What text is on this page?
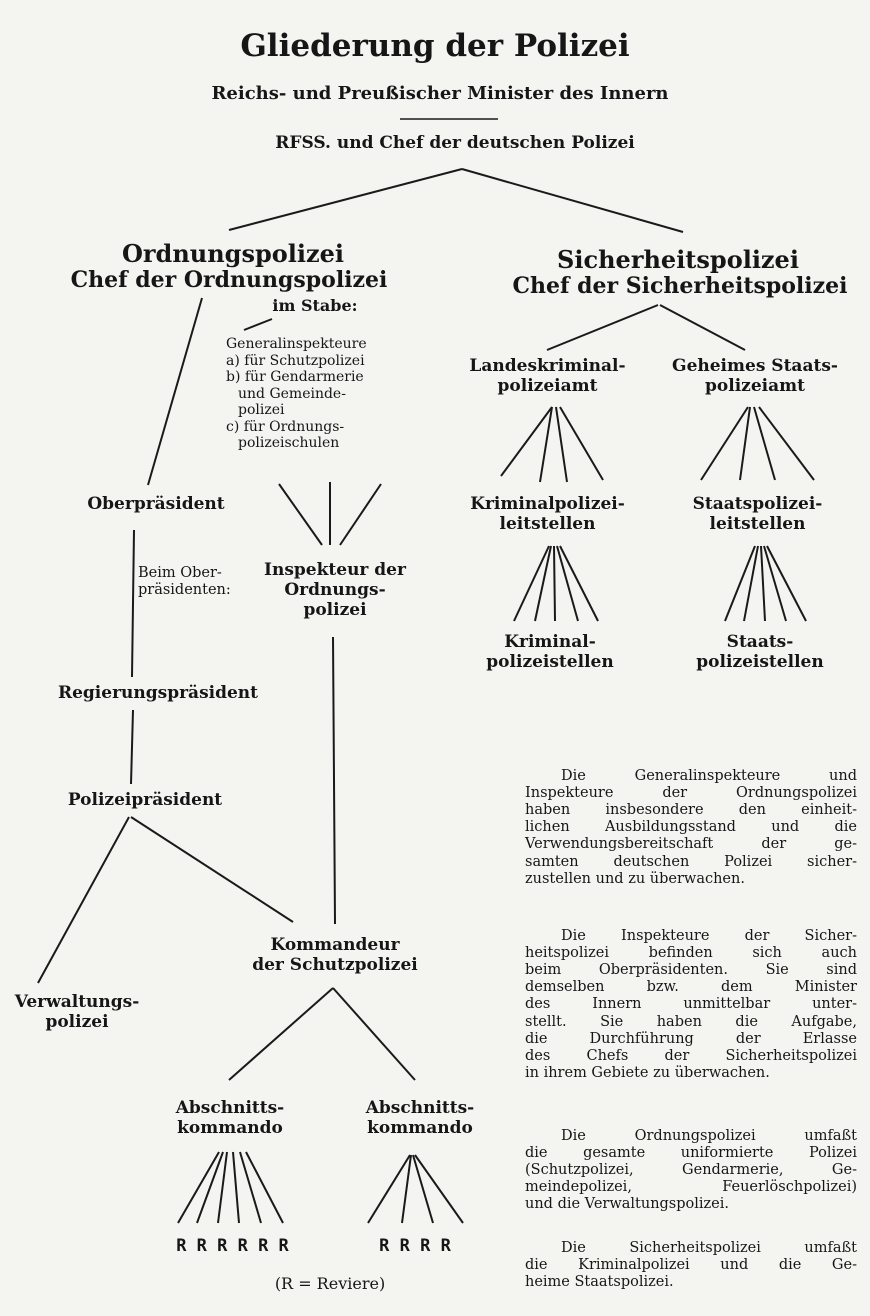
Gliederung der Polizei
Reichs- und Preußischer Minister des Innern
RFSS. und Chef der deutschen Polizei
Ordnungspolizei
Chef der Ordnungspolizei
im Stabe:
Generalinspekteure
a) für Schutzpolizei
b) für Gendarmerie
und Gemeinde-
polizei
c) für Ordnungs-
polizeischulen
Oberpräsident
Beim Ober-
präsidenten:
Inspekteur der
Ordnungs-
polizei
Regierungspräsident
Polizeipräsident
Verwaltungs-
polizei
Kommandeur
der Schutzpolizei
Abschnitts-
kommando
Abschnitts-
kommando
R R R R R R	R R R R
(R = Reviere)
Sicherheitspolizei
Chef der Sicherheitspolizei
Landeskriminal-
polizeiamt
Geheimes Staats-
polizeiamt
Kriminalpolizei-
leitstellen
Staatspolizei-
leitstellen
Kriminal-
polizeistellen
Staats-
polizeistellen
Die Generalinspekteure und
Inspekteure der Ordnungspolizei
haben insbesondere den einheit-
lichen Ausbildungsstand und die
Verwendungsbereitschaft der ge-
samten deutschen Polizei sicher-
zustellen und zu überwachen.
Die Inspekteure der Sicher-
heitspolizei befinden sich auch
beim Oberpräsidenten. Sie sind
demselben bzw. dem Minister
des Innern unmittelbar unter-
stellt. Sie haben die Aufgabe,
die Durchführung der Erlasse
des Chefs der Sicherheitspolizei
in ihrem Gebiete zu überwachen.
Die Ordnungspolizei umfaßt
die gesamte uniformierte Polizei
(Schutzpolizei, Gendarmerie, Ge-
meindepolizei, Feuerlöschpolizei)
und die Verwaltungspolizei.
Die Sicherheitspolizei umfaßt
die Kriminalpolizei und die Ge-
heime Staatspolizei.
